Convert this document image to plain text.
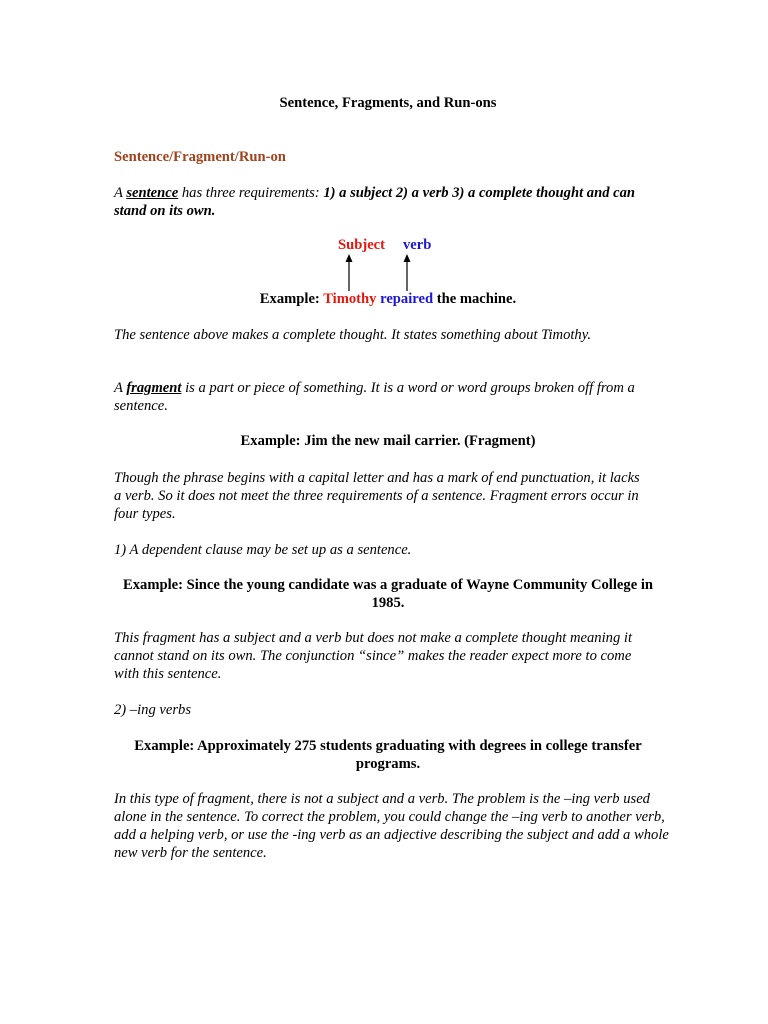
Sentence, Fragments, and Run-ons

Sentence/Fragment/Run-on

A sentence has three requirements: 1) a subject 2) a verb 3) a complete thought and can stand on its own.

Subject verb

Example: Timothy repaired the machine.

The sentence above makes a complete thought. It states something about Timothy.

A fragment is a part or piece of something. It is a word or word groups broken off from a sentence.

Example: Jim the new mail carrier. (Fragment)

Though the phrase begins with a capital letter and has a mark of end punctuation, it lacks a verb. So it does not meet the three requirements of a sentence. Fragment errors occur in four types.

1) A dependent clause may be set up as a sentence.

Example: Since the young candidate was a graduate of Wayne Community College in 1985.

This fragment has a subject and a verb but does not make a complete thought meaning it cannot stand on its own. The conjunction “since” makes the reader expect more to come with this sentence.

2) –ing verbs

Example: Approximately 275 students graduating with degrees in college transfer programs.

In this type of fragment, there is not a subject and a verb. The problem is the –ing verb used alone in the sentence. To correct the problem, you could change the –ing verb to another verb, add a helping verb, or use the -ing verb as an adjective describing the subject and add a whole new verb for the sentence.
